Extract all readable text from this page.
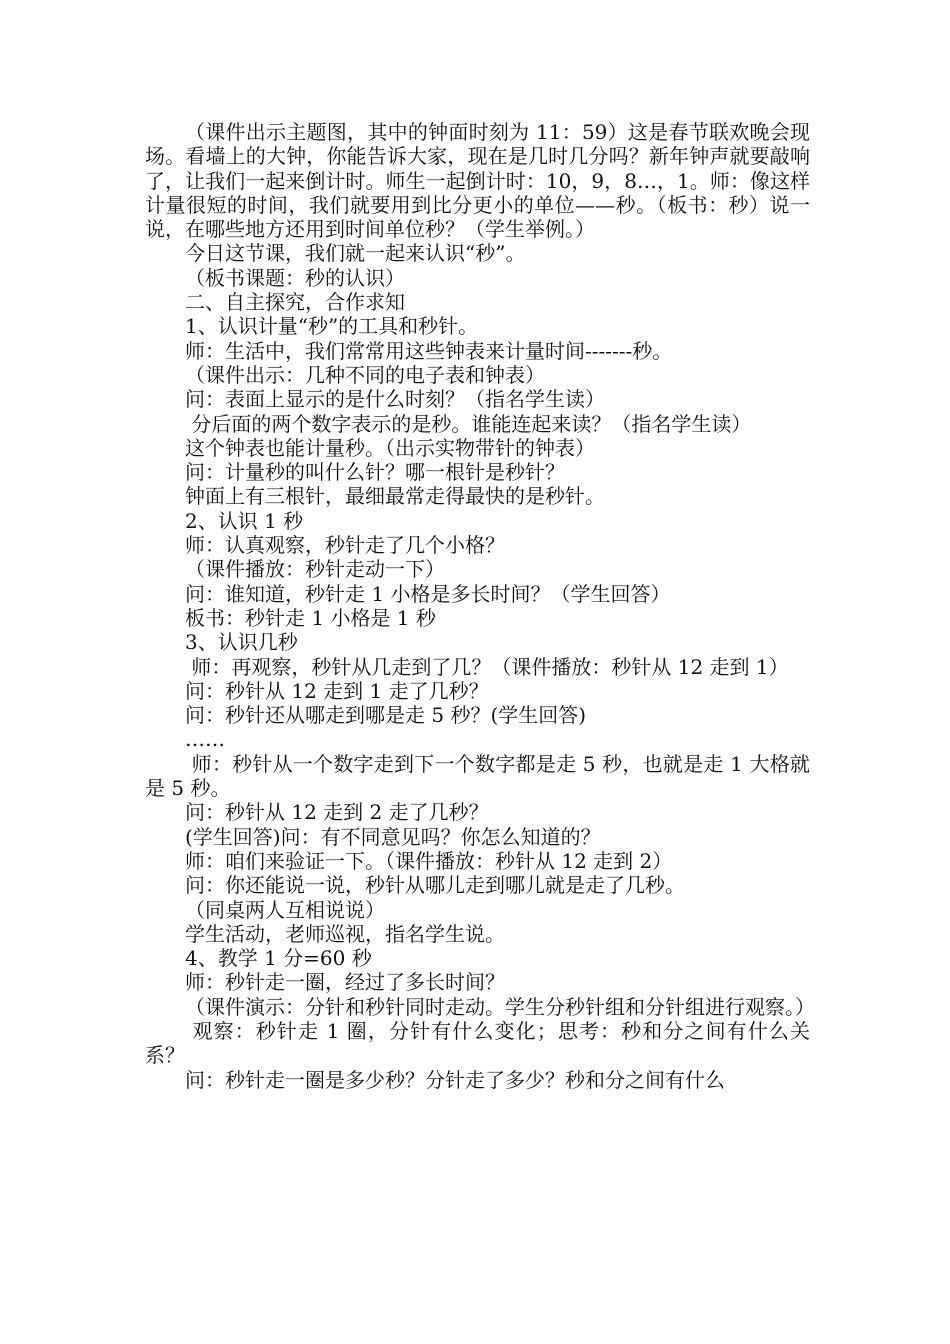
（课件出示主题图，其中的钟面时刻为 11：59）这是春节联欢晚会现场。看墙上的大钟，你能告诉大家，现在是几时几分吗？新年钟声就要敲响了，让我们一起来倒计时。师生一起倒计时：10，9，8…，1。师：像这样计量很短的时间，我们就要用到比分更小的单位——秒。（板书：秒）说一说，在哪些地方还用到时间单位秒？（学生举例。）

今日这节课，我们就一起来认识“秒”。

（板书课题：秒的认识）

二、自主探究，合作求知

1、认识计量“秒”的工具和秒针。

师：生活中，我们常常用这些钟表来计量时间-------秒。

（课件出示：几种不同的电子表和钟表）

问：表面上显示的是什么时刻？（指名学生读）

分后面的两个数字表示的是秒。谁能连起来读？（指名学生读）

这个钟表也能计量秒。（出示实物带针的钟表）

问：计量秒的叫什么针？哪一根针是秒针？

钟面上有三根针，最细最常走得最快的是秒针。

2、认识 1 秒

师：认真观察，秒针走了几个小格？

（课件播放：秒针走动一下）

问：谁知道，秒针走 1 小格是多长时间？（学生回答）

板书：秒针走 1 小格是 1 秒

3、认识几秒

师：再观察，秒针从几走到了几？（课件播放：秒针从 12 走到 1）

问：秒针从 12 走到 1 走了几秒？

问：秒针还从哪走到哪是走 5 秒？(学生回答)

……

师：秒针从一个数字走到下一个数字都是走 5 秒，也就是走 1 大格就是 5 秒。

问：秒针从 12 走到 2 走了几秒？

(学生回答)问：有不同意见吗？你怎么知道的？

师：咱们来验证一下。（课件播放：秒针从 12 走到 2）

问：你还能说一说，秒针从哪儿走到哪儿就是走了几秒。

（同桌两人互相说说）

学生活动，老师巡视，指名学生说。

4、教学 1 分=60 秒

师：秒针走一圈，经过了多长时间？

（课件演示：分针和秒针同时走动。学生分秒针组和分针组进行观察。）

观察：秒针走 1 圈，分针有什么变化；思考：秒和分之间有什么关系？

问：秒针走一圈是多少秒？分针走了多少？秒和分之间有什么
